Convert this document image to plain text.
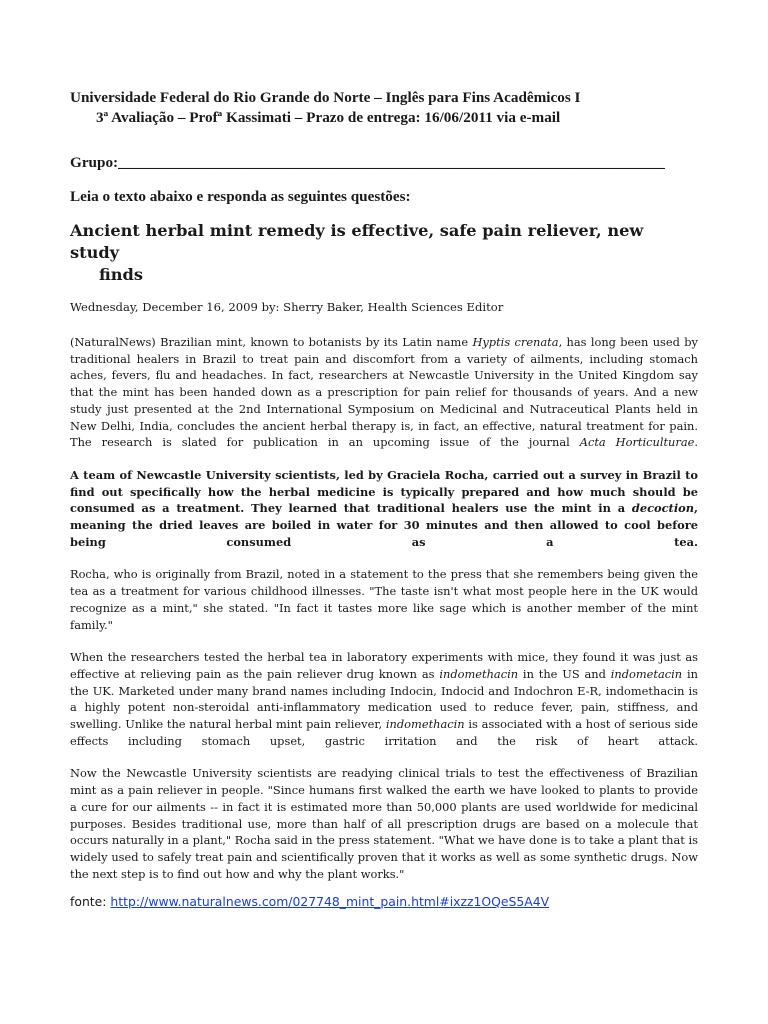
Universidade Federal do Rio Grande do Norte – Inglês para Fins Acadêmicos I
3ª Avaliação – Profª Kassimati – Prazo de entrega: 16/06/2011 via e-mail
Grupo:________________________________________________________________________
Leia o texto abaixo e responda as seguintes questões:
Ancient herbal mint remedy is effective, safe pain reliever, new study
finds
Wednesday, December 16, 2009 by: Sherry Baker, Health Sciences Editor

(NaturalNews) Brazilian mint, known to botanists by its Latin name Hyptis crenata, has long been used by traditional healers in Brazil to treat pain and discomfort from a variety of ailments, including stomach aches, fevers, flu and headaches. In fact, researchers at Newcastle University in the United Kingdom say that the mint has been handed down as a prescription for pain relief for thousands of years. And a new study just presented at the 2nd International Symposium on Medicinal and Nutraceutical Plants held in New Delhi, India, concludes the ancient herbal therapy is, in fact, an effective, natural treatment for pain. The research is slated for publication in an upcoming issue of the journal Acta Horticulturae.

A team of Newcastle University scientists, led by Graciela Rocha, carried out a survey in Brazil to find out specifically how the herbal medicine is typically prepared and how much should be consumed as a treatment. They learned that traditional healers use the mint in a decoction, meaning the dried leaves are boiled in water for 30 minutes and then allowed to cool before being consumed as a tea.

Rocha, who is originally from Brazil, noted in a statement to the press that she remembers being given the tea as a treatment for various childhood illnesses. "The taste isn't what most people here in the UK would recognize as a mint," she stated. "In fact it tastes more like sage which is another member of the mint family."

When the researchers tested the herbal tea in laboratory experiments with mice, they found it was just as effective at relieving pain as the pain reliever drug known as indomethacin in the US and indometacin in the UK. Marketed under many brand names including Indocin, Indocid and Indochron E-R, indomethacin is a highly potent non-steroidal anti-inflammatory medication used to reduce fever, pain, stiffness, and swelling. Unlike the natural herbal mint pain reliever, indomethacin is associated with a host of serious side effects including stomach upset, gastric irritation and the risk of heart attack.

Now the Newcastle University scientists are readying clinical trials to test the effectiveness of Brazilian mint as a pain reliever in people. "Since humans first walked the earth we have looked to plants to provide a cure for our ailments -- in fact it is estimated more than 50,000 plants are used worldwide for medicinal purposes. Besides traditional use, more than half of all prescription drugs are based on a molecule that occurs naturally in a plant," Rocha said in the press statement. "What we have done is to take a plant that is widely used to safely treat pain and scientifically proven that it works as well as some synthetic drugs. Now the next step is to find out how and why the plant works."

fonte: http://www.naturalnews.com/027748_mint_pain.html#ixzz1OQeS5A4V
